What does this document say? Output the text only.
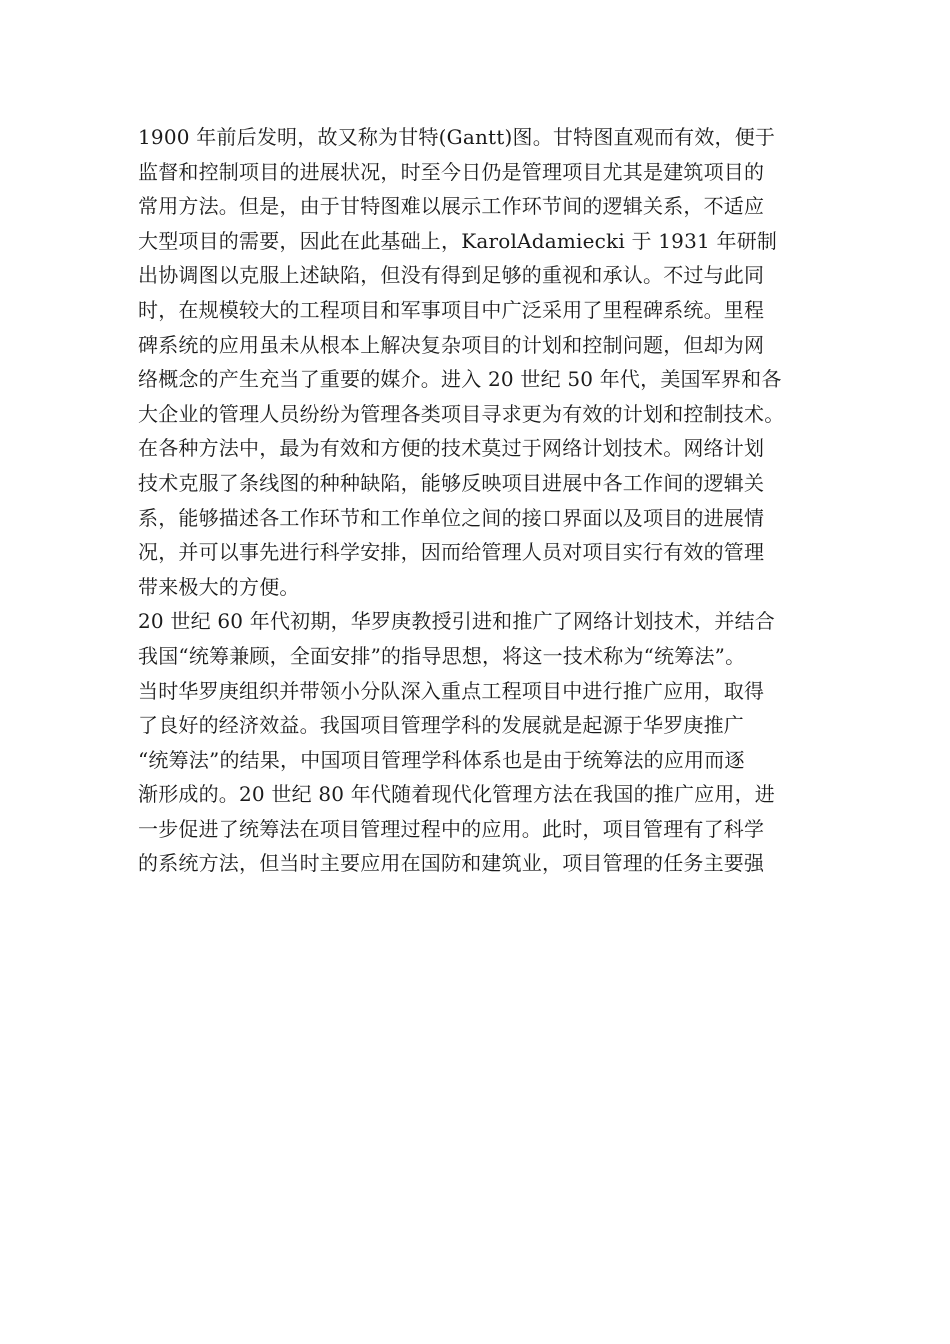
1900 年前后发明，故又称为甘特(Gantt)图。甘特图直观而有效，便于
监督和控制项目的进展状况，时至今日仍是管理项目尤其是建筑项目的
常用方法。但是，由于甘特图难以展示工作环节间的逻辑关系，不适应
大型项目的需要，因此在此基础上，KarolAdamiecki 于 1931 年研制
出协调图以克服上述缺陷，但没有得到足够的重视和承认。不过与此同
时，在规模较大的工程项目和军事项目中广泛采用了里程碑系统。里程
碑系统的应用虽未从根本上解决复杂项目的计划和控制问题，但却为网
络概念的产生充当了重要的媒介。进入 20 世纪 50 年代，美国军界和各
大企业的管理人员纷纷为管理各类项目寻求更为有效的计划和控制技术。
在各种方法中，最为有效和方便的技术莫过于网络计划技术。网络计划
技术克服了条线图的种种缺陷，能够反映项目进展中各工作间的逻辑关
系，能够描述各工作环节和工作单位之间的接口界面以及项目的进展情
况，并可以事先进行科学安排，因而给管理人员对项目实行有效的管理
带来极大的方便。
20 世纪 60 年代初期，华罗庚教授引进和推广了网络计划技术，并结合
我国“统筹兼顾，全面安排”的指导思想，将这一技术称为“统筹法”。
当时华罗庚组织并带领小分队深入重点工程项目中进行推广应用，取得
了良好的经济效益。我国项目管理学科的发展就是起源于华罗庚推广
“统筹法”的结果，中国项目管理学科体系也是由于统筹法的应用而逐
渐形成的。20 世纪 80 年代随着现代化管理方法在我国的推广应用，进
一步促进了统筹法在项目管理过程中的应用。此时，项目管理有了科学
的系统方法，但当时主要应用在国防和建筑业，项目管理的任务主要强
